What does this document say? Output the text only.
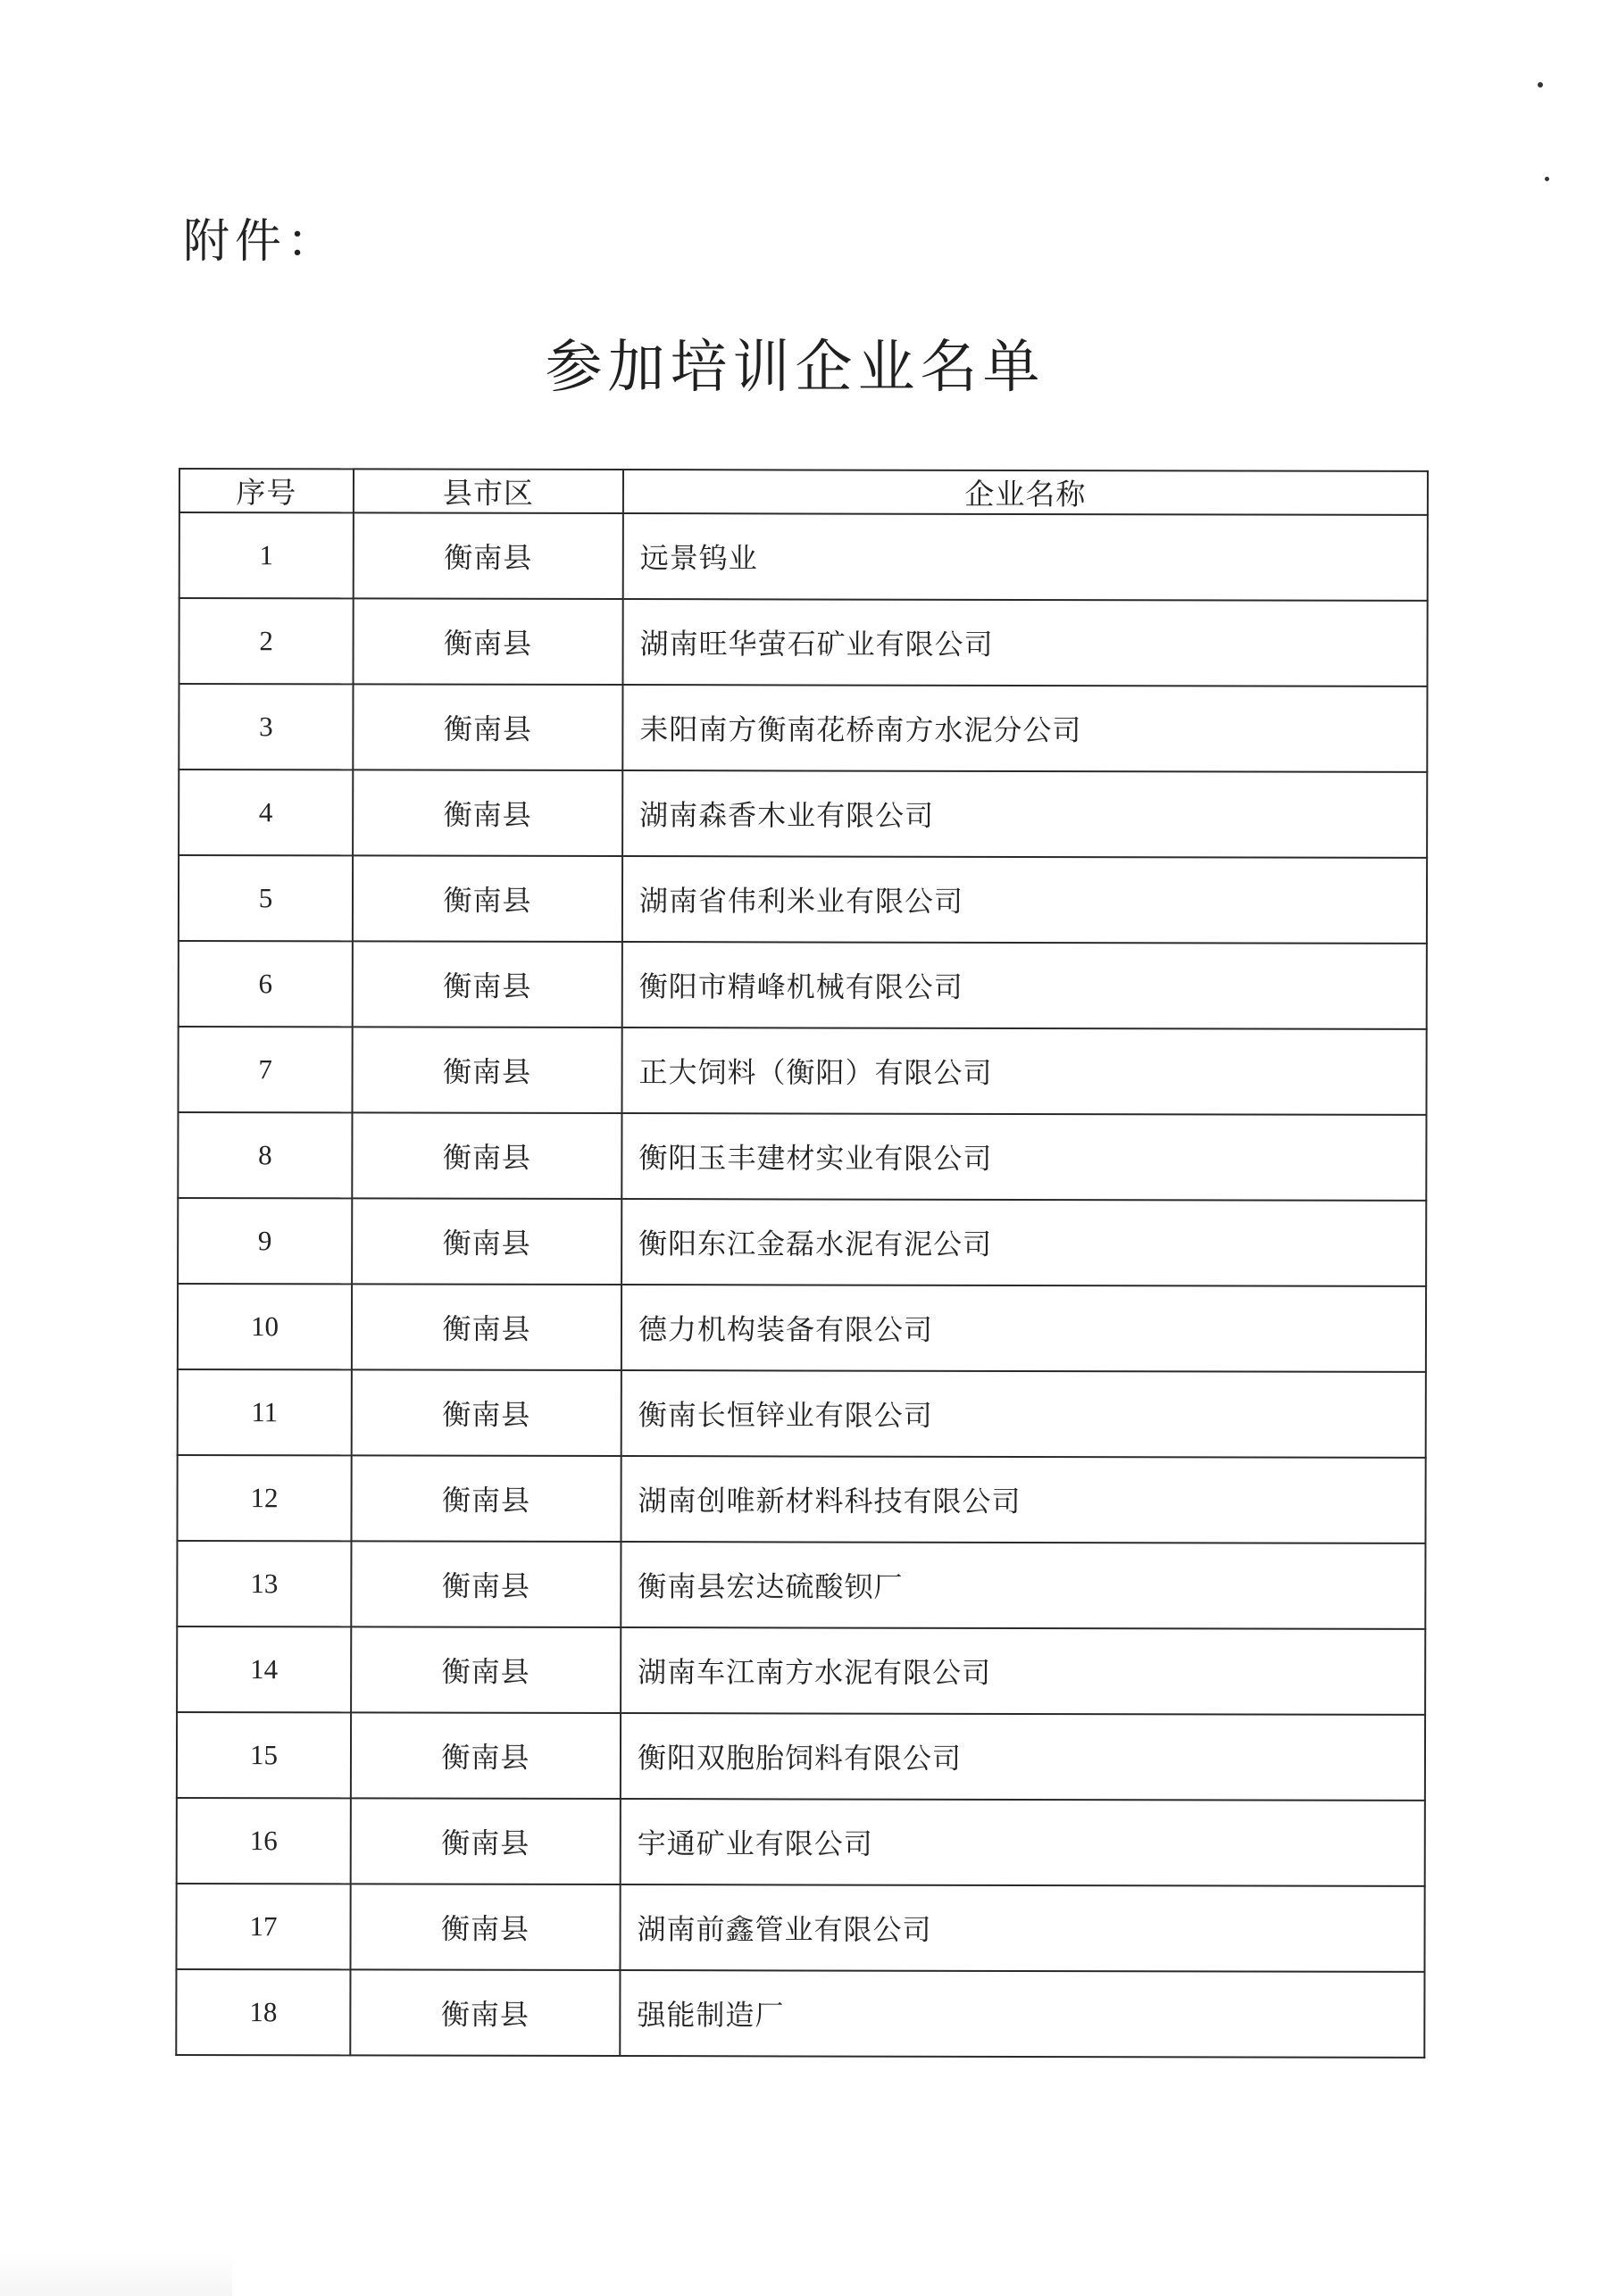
附件：
参加培训企业名单
序号	县市区	企业名称
1	衡南县	远景钨业
2	衡南县	湖南旺华萤石矿业有限公司
3	衡南县	耒阳南方衡南花桥南方水泥分公司
4	衡南县	湖南森香木业有限公司
5	衡南县	湖南省伟利米业有限公司
6	衡南县	衡阳市精峰机械有限公司
7	衡南县	正大饲料（衡阳）有限公司
8	衡南县	衡阳玉丰建材实业有限公司
9	衡南县	衡阳东江金磊水泥有泥公司
10	衡南县	德力机构装备有限公司
11	衡南县	衡南长恒锌业有限公司
12	衡南县	湖南创唯新材料科技有限公司
13	衡南县	衡南县宏达硫酸钡厂
14	衡南县	湖南车江南方水泥有限公司
15	衡南县	衡阳双胞胎饲料有限公司
16	衡南县	宇通矿业有限公司
17	衡南县	湖南前鑫管业有限公司
18	衡南县	强能制造厂
